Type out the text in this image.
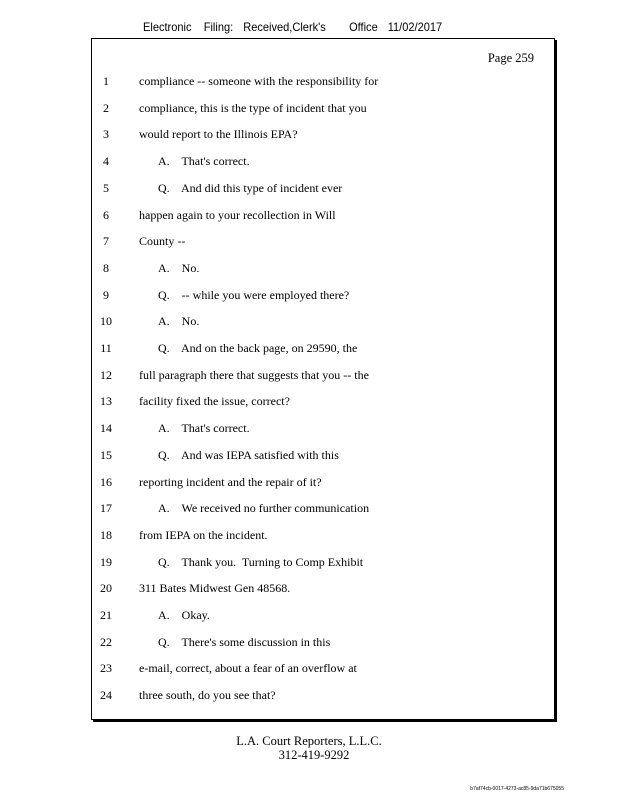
Electronic Filing: Received,Clerk's Office 11/02/2017
Page 259
1	compliance -- someone with the responsibility for
2	compliance, this is the type of incident that you
3	would report to the Illinois EPA?
4	A.    That's correct.
5	Q.    And did this type of incident ever
6	happen again to your recollection in Will
7	County --
8	A.    No.
9	Q.    -- while you were employed there?
10	A.    No.
11	Q.    And on the back page, on 29590, the
12	full paragraph there that suggests that you -- the
13	facility fixed the issue, correct?
14	A.    That's correct.
15	Q.    And was IEPA satisfied with this
16	reporting incident and the repair of it?
17	A.    We received no further communication
18	from IEPA on the incident.
19	Q.    Thank you.  Turning to Comp Exhibit
20	311 Bates Midwest Gen 48568.
21	A.    Okay.
22	Q.    There's some discussion in this
23	e-mail, correct, about a fear of an overflow at
24	three south, do you see that?
L.A. Court Reporters, L.L.C.
312-419-9292
b7af74cb-0017-4273-ac85-9da71b675055
